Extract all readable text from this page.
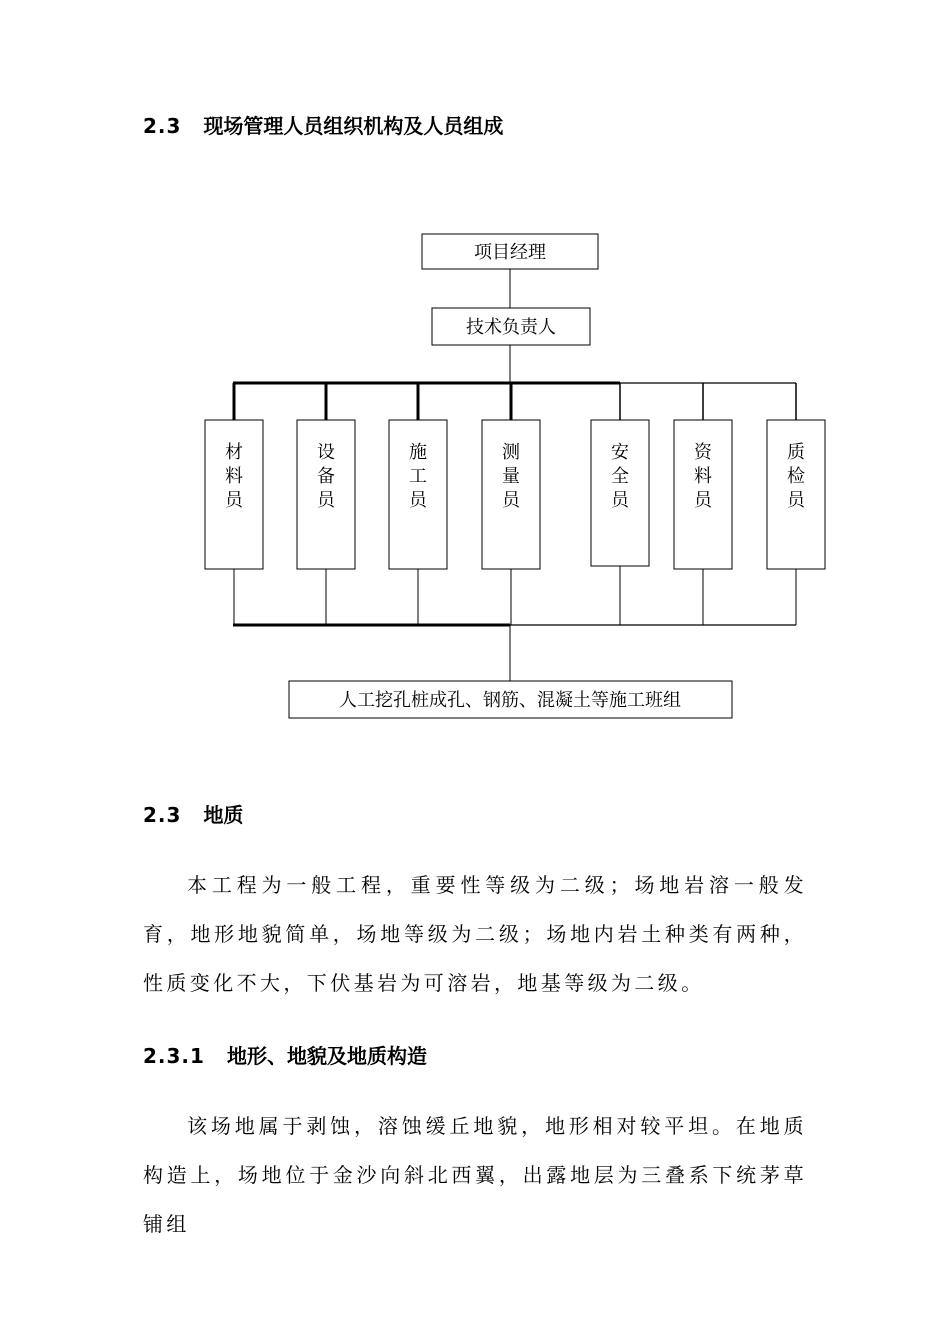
2.3 现场管理人员组织机构及人员组成
材
料
员
设
备
员
施
工
员
测
量
员
安
全
员
资
料
员
质
检
员
项目经理
技术负责人
人工挖孔桩成孔、钢筋、混凝土等施工班组
2.3 地质

本工程为一般工程，重要性等级为二级；场地岩溶一般发育，地形地貌简单，场地等级为二级；场地内岩土种类有两种，性质变化不大，下伏基岩为可溶岩，地基等级为二级。

2.3.1 地形、地貌及地质构造

该场地属于剥蚀，溶蚀缓丘地貌，地形相对较平坦。在地质构造上，场地位于金沙向斜北西翼，出露地层为三叠系下统茅草铺组
